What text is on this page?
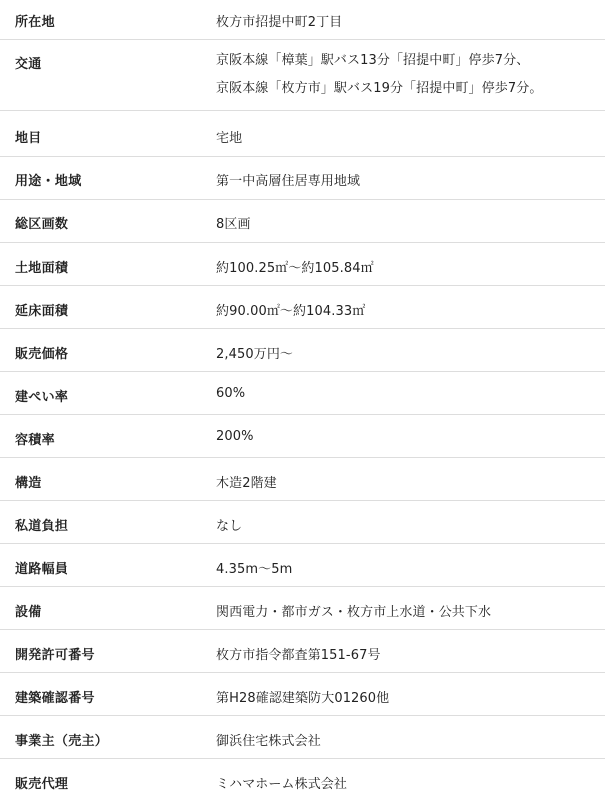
所在地	枚方市招提中町2丁目
交通	京阪本線「樟葉」駅バス13分「招提中町」停歩7分、
京阪本線「枚方市」駅バス19分「招提中町」停歩7分。
地目	宅地
用途・地域	第一中高層住居専用地域
総区画数	8区画
土地面積	約100.25㎡〜約105.84㎡
延床面積	約90.00㎡〜約104.33㎡
販売価格	2,450万円〜
建ぺい率	60%
容積率	200%
構造	木造2階建
私道負担	なし
道路幅員	4.35m〜5m
設備	関西電力・都市ガス・枚方市上水道・公共下水
開発許可番号	枚方市指令都査第151-67号
建築確認番号	第H28確認建築防大01260他
事業主（売主）	御浜住宅株式会社
販売代理	ミハマホーム株式会社
